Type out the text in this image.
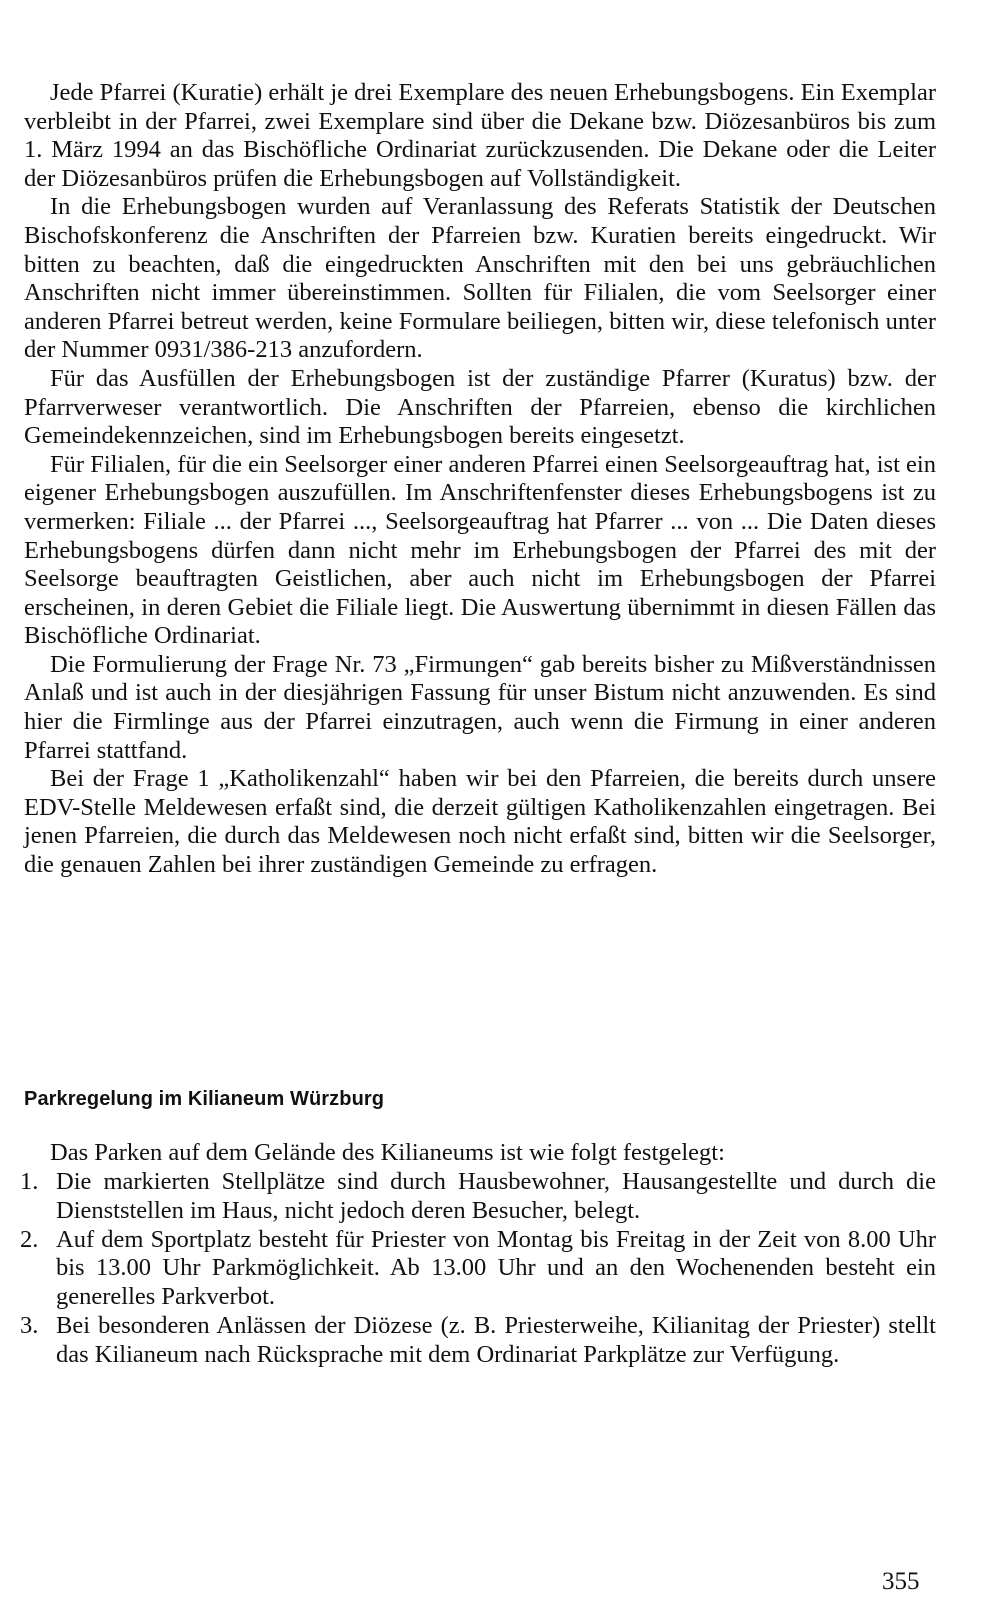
Jede Pfarrei (Kuratie) erhält je drei Exemplare des neuen Erhebungsbogens. Ein Exemplar verbleibt in der Pfarrei, zwei Exemplare sind über die Dekane bzw. Diözesanbüros bis zum 1. März 1994 an das Bischöfliche Ordinariat zurückzusenden. Die Dekane oder die Leiter der Diözesanbüros prüfen die Erhebungsbogen auf Vollständigkeit.

In die Erhebungsbogen wurden auf Veranlassung des Referats Statistik der Deutschen Bischofskonferenz die Anschriften der Pfarreien bzw. Kuratien bereits eingedruckt. Wir bitten zu beachten, daß die eingedruckten Anschriften mit den bei uns gebräuchlichen Anschriften nicht immer übereinstimmen. Sollten für Filialen, die vom Seelsorger einer anderen Pfarrei betreut werden, keine Formulare beiliegen, bitten wir, diese telefonisch unter der Nummer 0931/386-213 anzufordern.

Für das Ausfüllen der Erhebungsbogen ist der zuständige Pfarrer (Kuratus) bzw. der Pfarrverweser verantwortlich. Die Anschriften der Pfarreien, ebenso die kirchlichen Gemeindekennzeichen, sind im Erhebungsbogen bereits eingesetzt.

Für Filialen, für die ein Seelsorger einer anderen Pfarrei einen Seelsorgeauftrag hat, ist ein eigener Erhebungsbogen auszufüllen. Im Anschriftenfenster dieses Erhebungsbogens ist zu vermerken: Filiale ... der Pfarrei ..., Seelsorgeauftrag hat Pfarrer ... von ... Die Daten dieses Erhebungsbogens dürfen dann nicht mehr im Erhebungsbogen der Pfarrei des mit der Seelsorge beauftragten Geistlichen, aber auch nicht im Erhebungsbogen der Pfarrei erscheinen, in deren Gebiet die Filiale liegt. Die Auswertung übernimmt in diesen Fällen das Bischöfliche Ordinariat.

Die Formulierung der Frage Nr. 73 „Firmungen“ gab bereits bisher zu Mißverständnissen Anlaß und ist auch in der diesjährigen Fassung für unser Bistum nicht anzuwenden. Es sind hier die Firmlinge aus der Pfarrei einzutragen, auch wenn die Firmung in einer anderen Pfarrei stattfand.

Bei der Frage 1 „Katholikenzahl“ haben wir bei den Pfarreien, die bereits durch unsere EDV-Stelle Meldewesen erfaßt sind, die derzeit gültigen Katholikenzahlen eingetragen. Bei jenen Pfarreien, die durch das Meldewesen noch nicht erfaßt sind, bitten wir die Seelsorger, die genauen Zahlen bei ihrer zuständigen Gemeinde zu erfragen.

Parkregelung im Kilianeum Würzburg
Das Parken auf dem Gelände des Kilianeums ist wie folgt festgelegt:
1. Die markierten Stellplätze sind durch Hausbewohner, Hausangestellte und durch die Dienststellen im Haus, nicht jedoch deren Besucher, belegt.
2. Auf dem Sportplatz besteht für Priester von Montag bis Freitag in der Zeit von 8.00 Uhr bis 13.00 Uhr Parkmöglichkeit. Ab 13.00 Uhr und an den Wochenenden besteht ein generelles Parkverbot.
3. Bei besonderen Anlässen der Diözese (z. B. Priesterweihe, Kilianitag der Priester) stellt das Kilianeum nach Rücksprache mit dem Ordinariat Parkplätze zur Verfügung.
355
